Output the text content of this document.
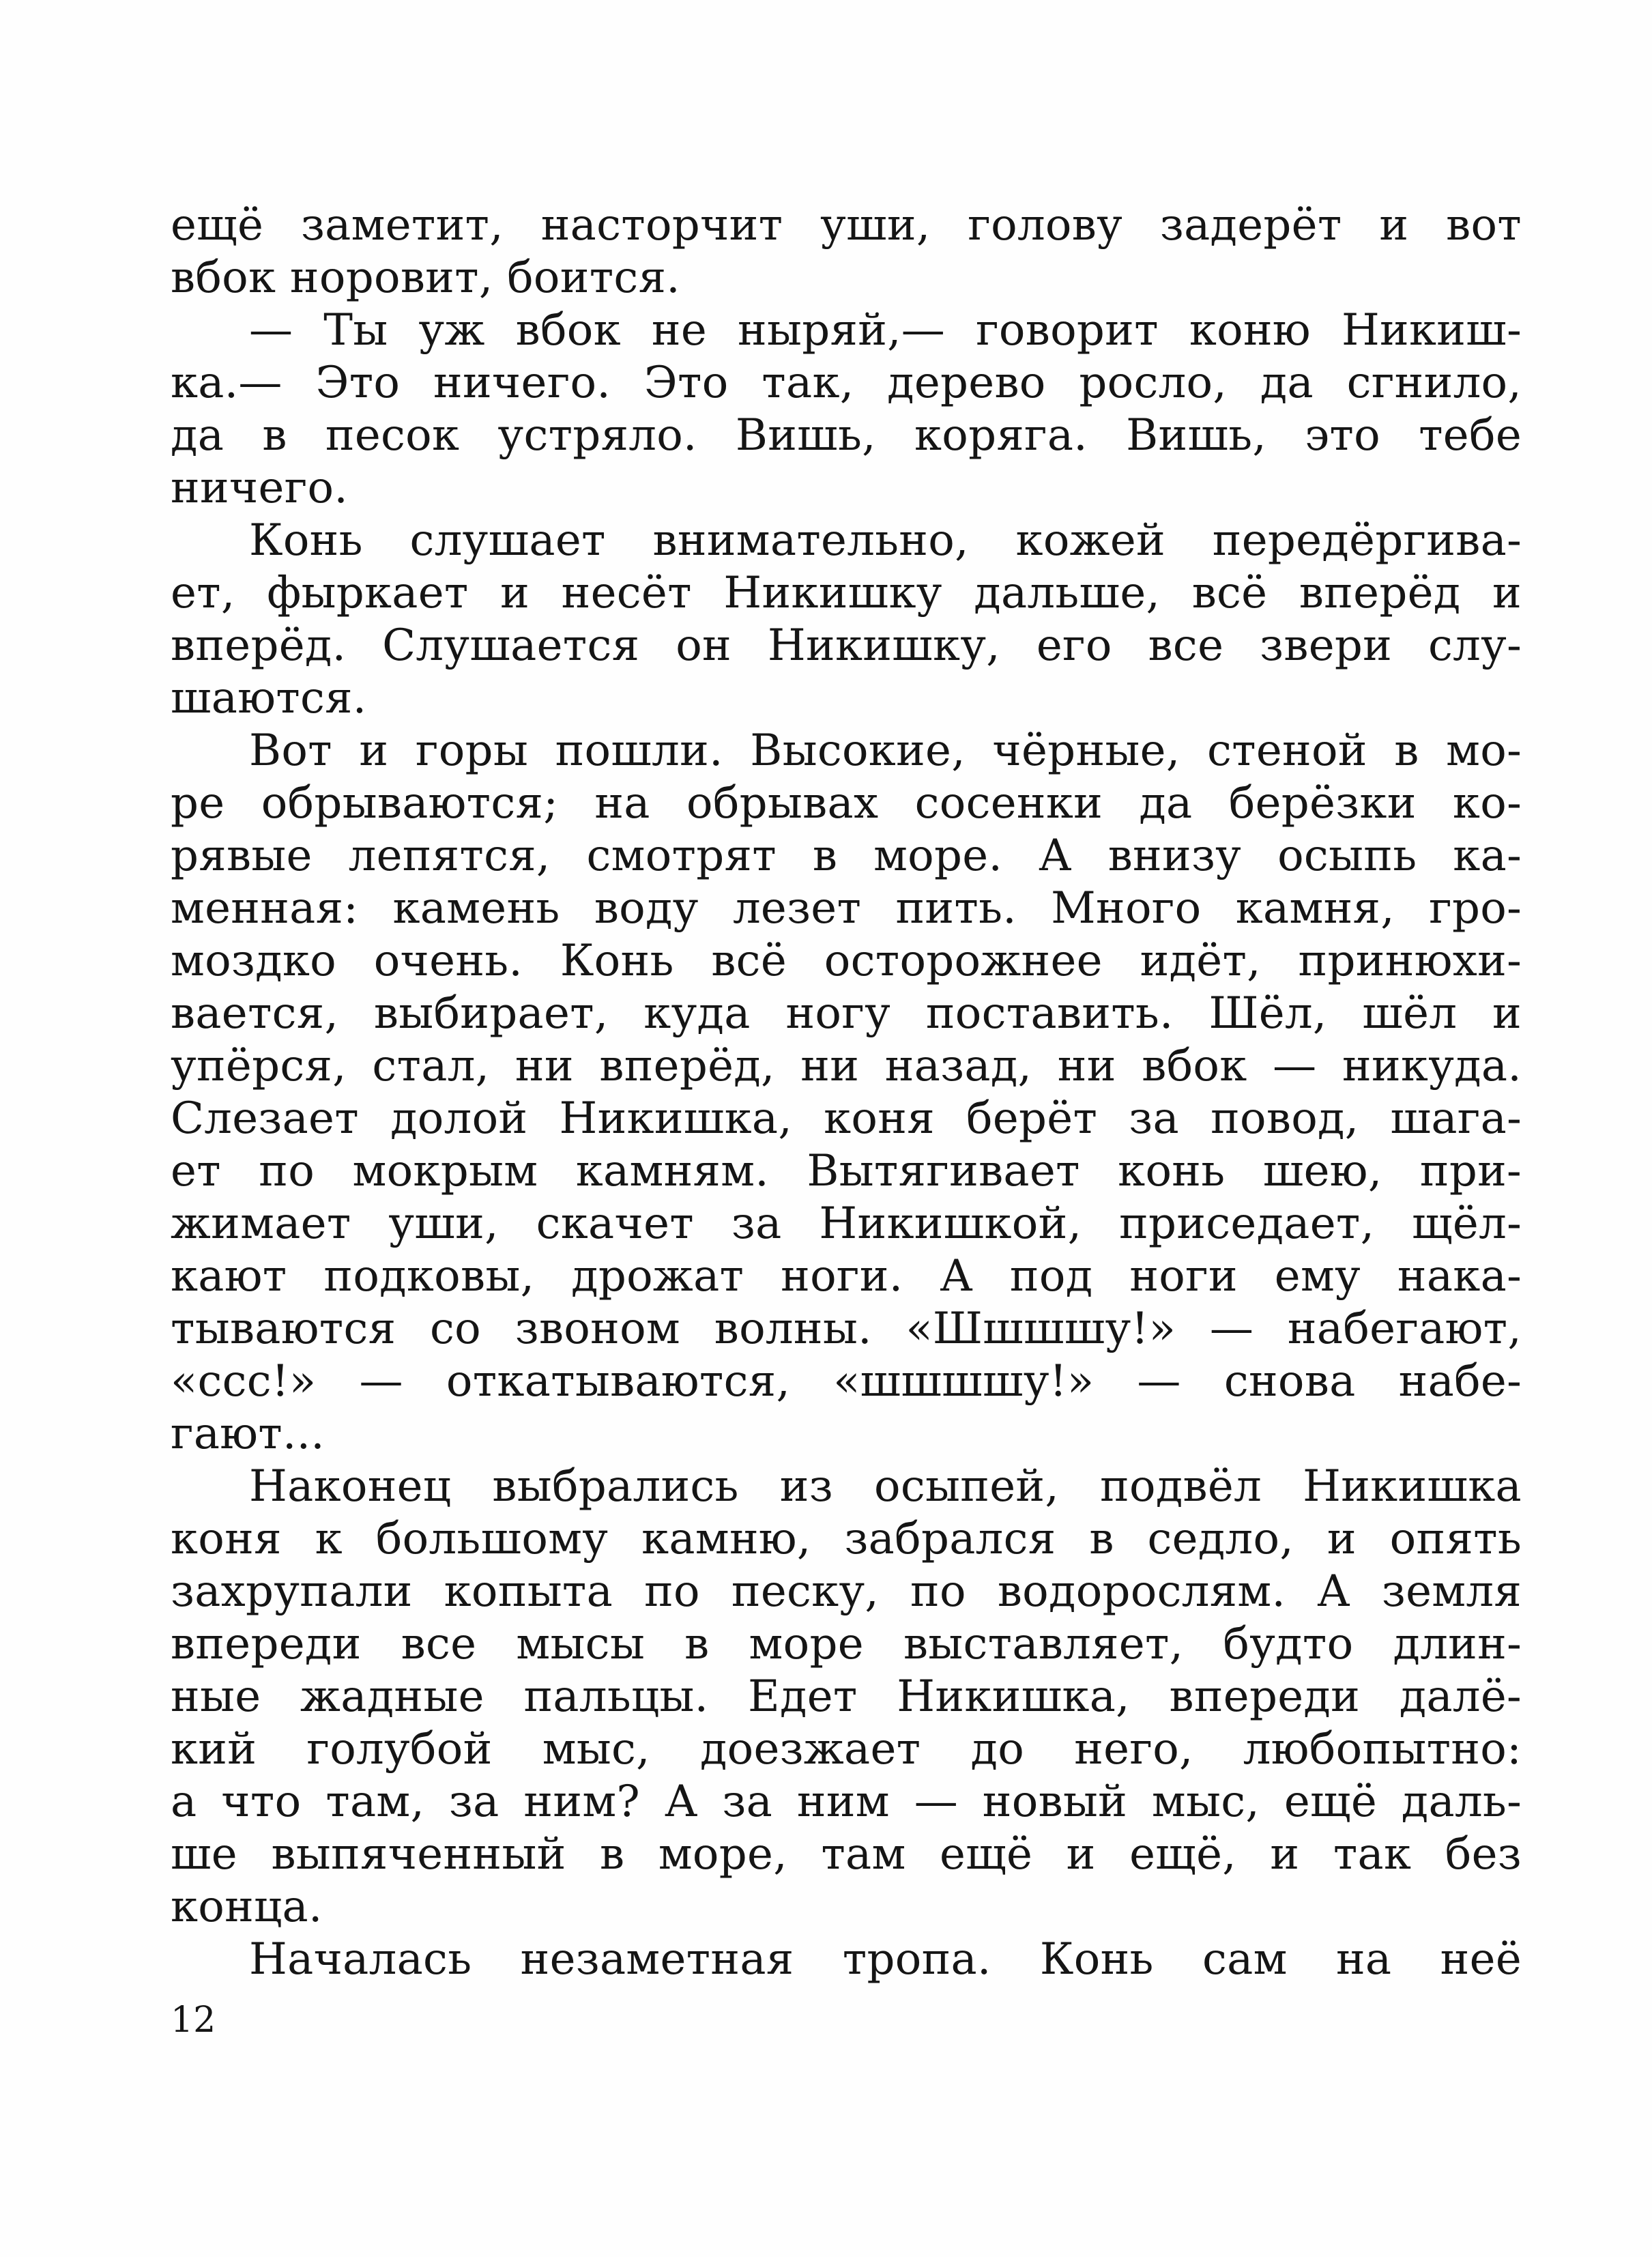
ещё заметит, насторчит уши, голову задерёт и вот
вбок норовит, боится.
— Ты уж вбок не ныряй,— говорит коню Никиш-
ка.— Это ничего. Это так, дерево росло, да сгнило,
да в песок устряло. Вишь, коряга. Вишь, это тебе
ничего.
Конь слушает внимательно, кожей передёргива-
ет, фыркает и несёт Никишку дальше, всё вперёд и
вперёд. Слушается он Никишку, его все звери слу-
шаются.
Вот и горы пошли. Высокие, чёрные, стеной в мо-
ре обрываются; на обрывах сосенки да берёзки ко-
рявые лепятся, смотрят в море. А внизу осыпь ка-
менная: камень воду лезет пить. Много камня, гро-
моздко очень. Конь всё осторожнее идёт, принюхи-
вается, выбирает, куда ногу поставить. Шёл, шёл и
упёрся, стал, ни вперёд, ни назад, ни вбок — никуда.
Слезает долой Никишка, коня берёт за повод, шага-
ет по мокрым камням. Вытягивает конь шею, при-
жимает уши, скачет за Никишкой, приседает, щёл-
кают подковы, дрожат ноги. А под ноги ему нака-
тываются со звоном волны. «Шшшшу!» — набегают,
«ссс!» — откатываются, «шшшшу!» — снова набе-
гают...
Наконец выбрались из осыпей, подвёл Никишка
коня к большому камню, забрался в седло, и опять
захрупали копыта по песку, по водорослям. А земля
впереди все мысы в море выставляет, будто длин-
ные жадные пальцы. Едет Никишка, впереди далё-
кий голубой мыс, доезжает до него, любопытно:
а что там, за ним? А за ним — новый мыс, ещё даль-
ше выпяченный в море, там ещё и ещё, и так без
конца.
Началась незаметная тропа. Конь сам на неё
12
